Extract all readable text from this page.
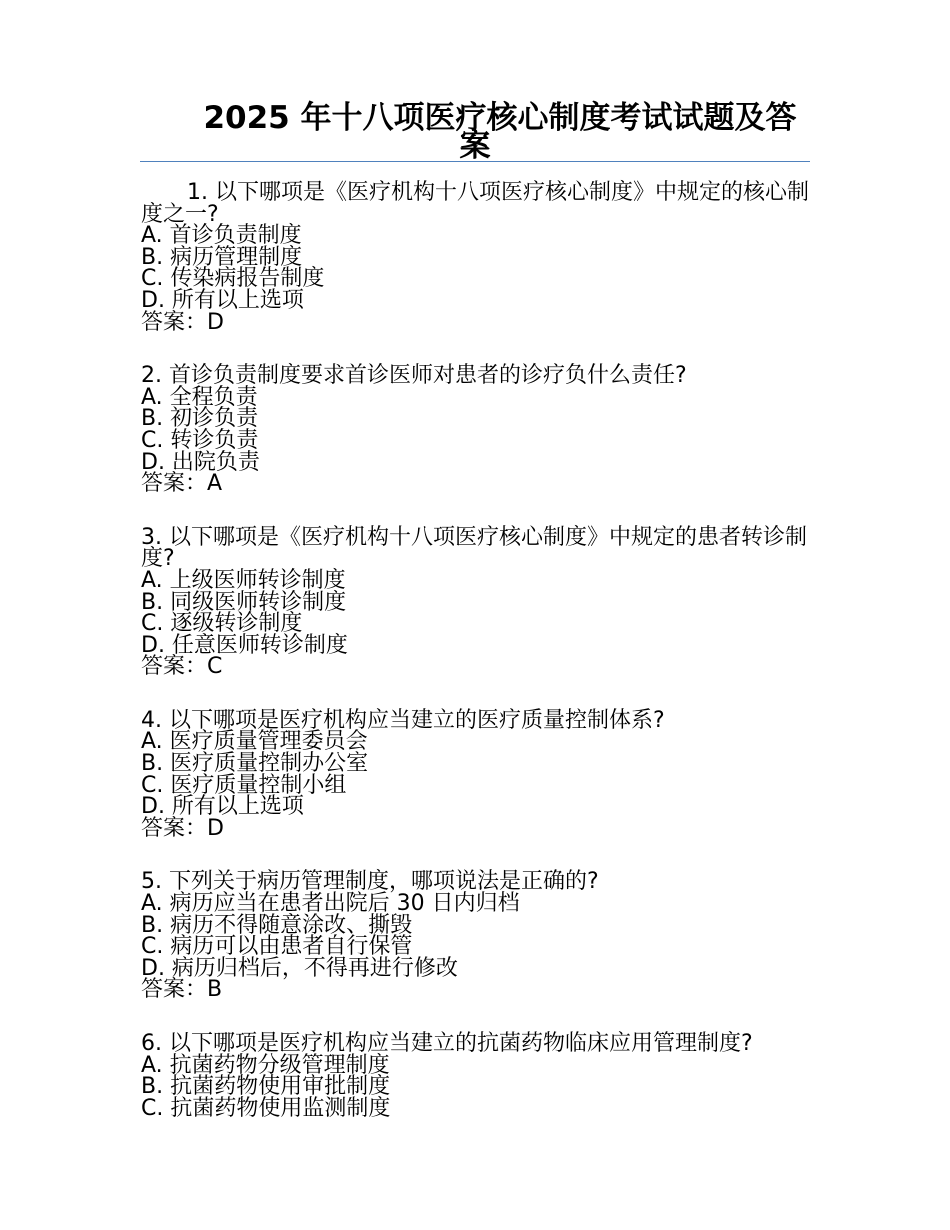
2025 年十八项医疗核心制度考试试题及答案

1. 以下哪项是《医疗机构十八项医疗核心制度》中规定的核心制度之一?

A. 首诊负责制度

B. 病历管理制度

C. 传染病报告制度

D. 所有以上选项

答案：D

2. 首诊负责制度要求首诊医师对患者的诊疗负什么责任?

A. 全程负责

B. 初诊负责

C. 转诊负责

D. 出院负责

答案：A

3. 以下哪项是《医疗机构十八项医疗核心制度》中规定的患者转诊制度?

A. 上级医师转诊制度

B. 同级医师转诊制度

C. 逐级转诊制度

D. 任意医师转诊制度

答案：C

4. 以下哪项是医疗机构应当建立的医疗质量控制体系?

A. 医疗质量管理委员会

B. 医疗质量控制办公室

C. 医疗质量控制小组

D. 所有以上选项

答案：D

5. 下列关于病历管理制度，哪项说法是正确的?

A. 病历应当在患者出院后 30 日内归档

B. 病历不得随意涂改、撕毁

C. 病历可以由患者自行保管

D. 病历归档后，不得再进行修改

答案：B

6. 以下哪项是医疗机构应当建立的抗菌药物临床应用管理制度?

A. 抗菌药物分级管理制度

B. 抗菌药物使用审批制度

C. 抗菌药物使用监测制度
